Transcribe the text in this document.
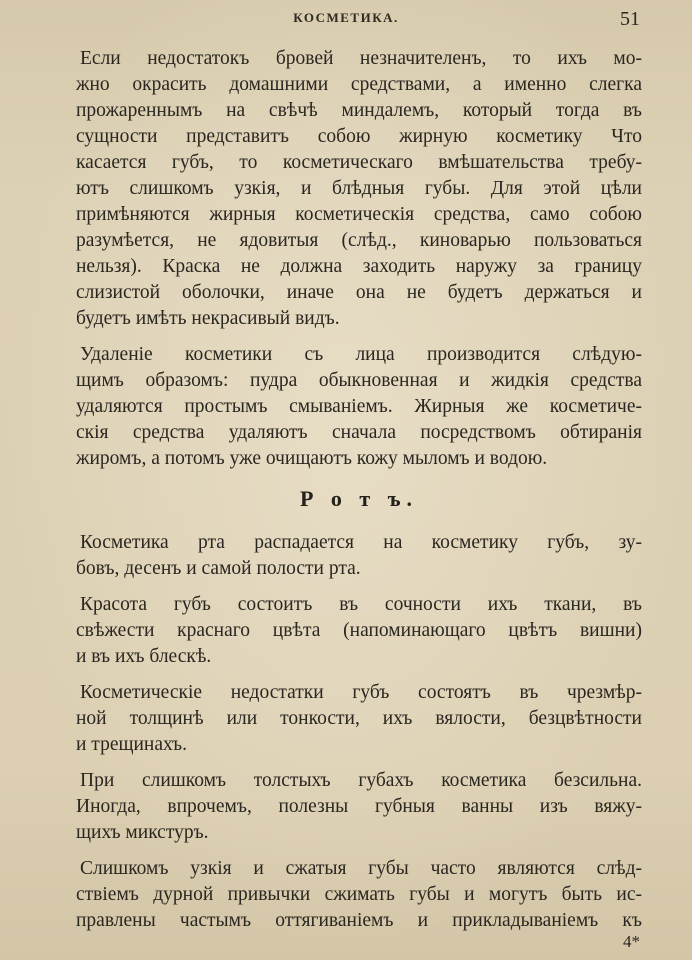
КОСМЕТИКА.	51

Если недостатокъ бровей незначителенъ, то ихъ мо-
жно окрасить домашними средствами, а именно слегка
прожареннымъ на свѣчѣ миндалемъ, который тогда въ
сущности представитъ собою жирную косметику Что
касается губъ, то косметическаго вмѣшательства требу-
ютъ слишкомъ узкія, и блѣдныя губы. Для этой цѣли
примѣняются жирныя косметическія средства, само собою
разумѣется, не ядовитыя (слѣд., киноварью пользоваться
нельзя). Краска не должна заходить наружу за границу
слизистой оболочки, иначе она не будетъ держаться и
будетъ имѣть некрасивый видъ.

Удаленіе косметики съ лица производится слѣдую-
щимъ образомъ: пудра обыкновенная и жидкія средства
удаляются простымъ смываніемъ. Жирныя же косметиче-
скія средства удаляютъ сначала посредствомъ обтиранія
жиромъ, а потомъ уже очищаютъ кожу мыломъ и водою.

Р о т ъ.

Косметика рта распадается на косметику губъ, зу-
бовъ, десенъ и самой полости рта.

Красота губъ состоитъ въ сочности ихъ ткани, въ
свѣжести краснаго цвѣта (напоминающаго цвѣтъ вишни)
и въ ихъ блескѣ.

Косметическіе недостатки губъ состоятъ въ чрезмѣр-
ной толщинѣ или тонкости, ихъ вялости, безцвѣтности
и трещинахъ.

При слишкомъ толстыхъ губахъ косметика безсильна.
Иногда, впрочемъ, полезны губныя ванны изъ вяжу-
щихъ микстуръ.

Слишкомъ узкія и сжатыя губы часто являются слѣд-
ствіемъ дурной привычки сжимать губы и могутъ быть ис-
правлены частымъ оттягиваніемъ и прикладываніемъ къ

4*
